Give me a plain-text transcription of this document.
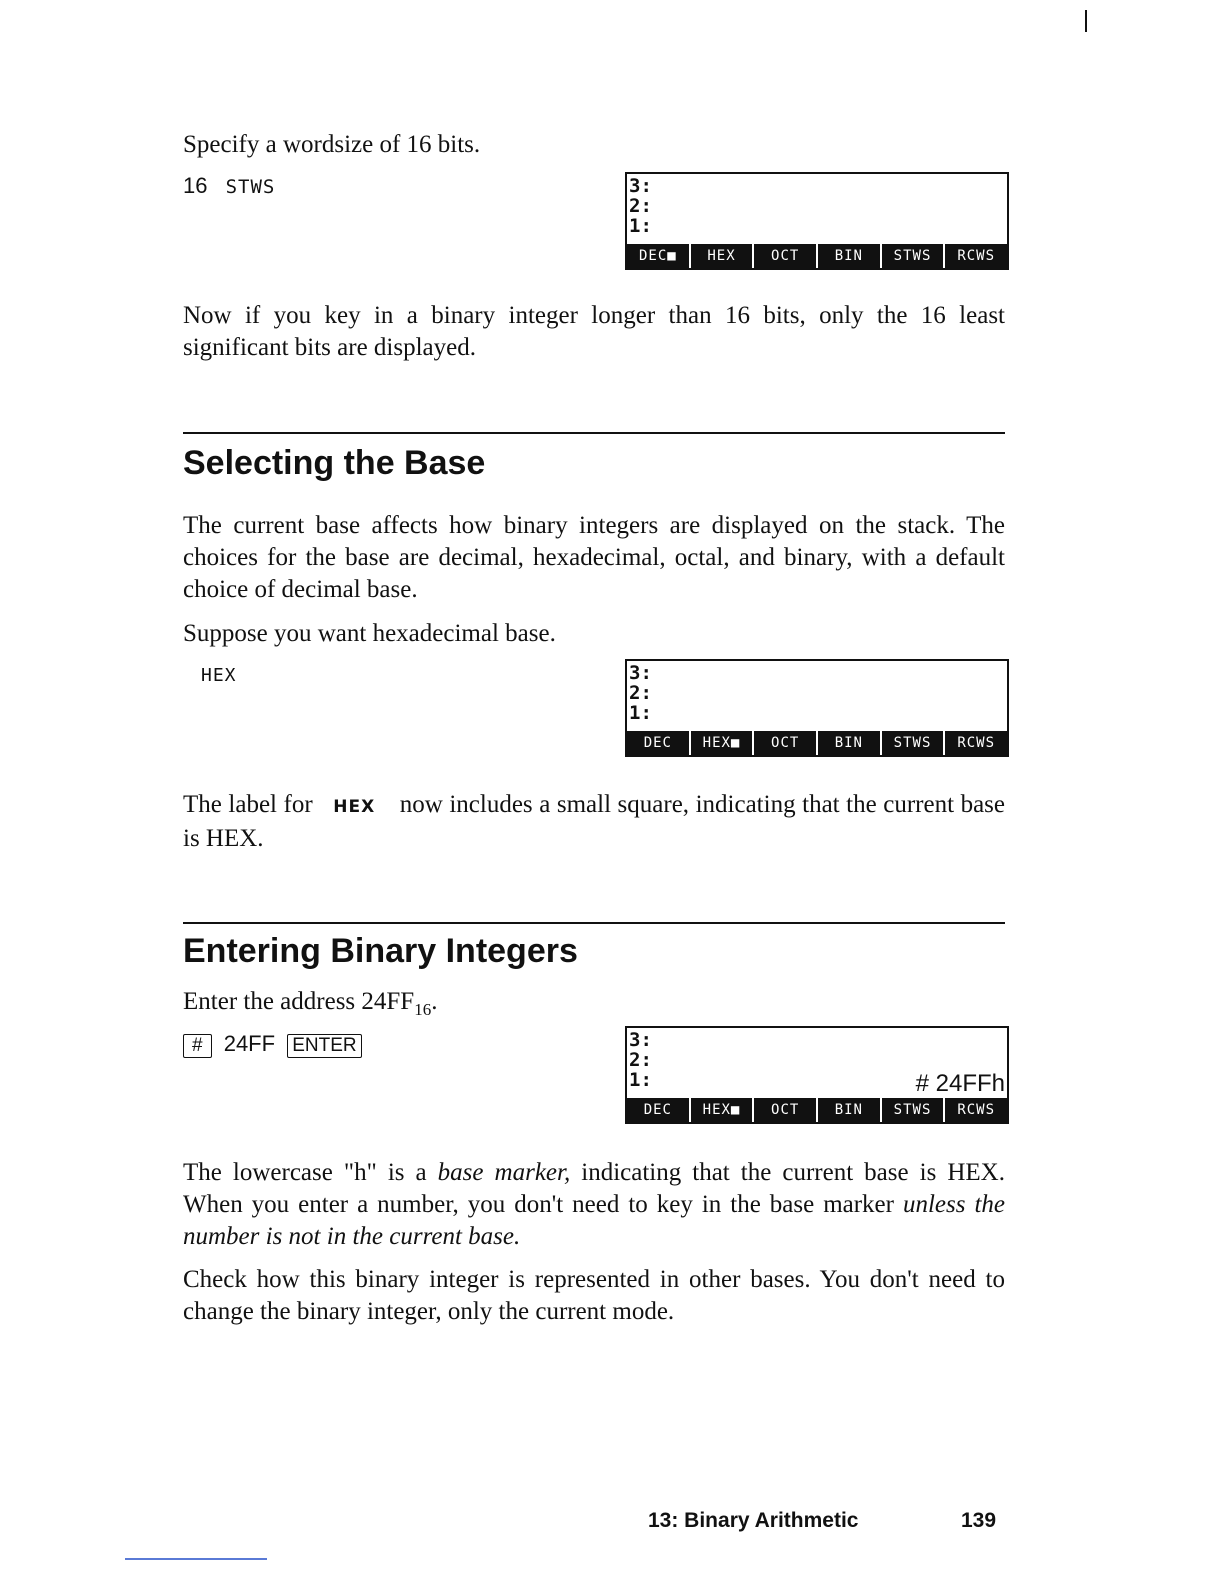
Specify a wordsize of 16 bits.
16 STWS	3:
2:
1:
DEC■	HEX	OCT	BIN	STWS	RCWS
Now if you key in a binary integer longer than 16 bits, only the 16 least significant bits are displayed.
Selecting the Base
The current base affects how binary integers are displayed on the stack. The choices for the base are decimal, hexadecimal, octal, and binary, with a default choice of decimal base.
Suppose you want hexadecimal base.
HEX	3:
2:
1:
DEC	HEX■	OCT	BIN	STWS	RCWS
The label for HEX now includes a small square, indicating that the current base is HEX.
Entering Binary Integers
Enter the address $24FF_{16}$.
# 24FF ENTER	3:
2:
1:	# 24FFh
DEC	HEX■	OCT	BIN	STWS	RCWS
The lowercase "h" is a base marker, indicating that the current base is HEX. When you enter a number, you don't need to key in the base marker unless the number is not in the current base.
Check how this binary integer is represented in other bases. You don't need to change the binary integer, only the current mode.
13: Binary Arithmetic	139
